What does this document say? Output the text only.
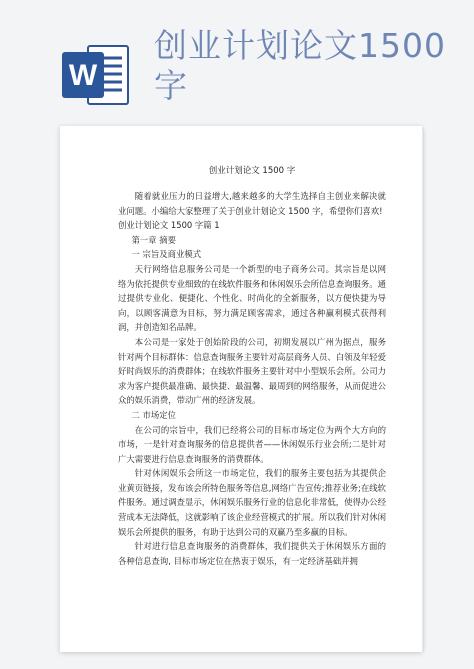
W
创业计划论文1500字
创业计划论文 1500 字

随着就业压力的日益增大,越来越多的大学生选择自主创业来解决就业问题。小编给大家整理了关于创业计划论文 1500 字，希望你们喜欢!

创业计划论文 1500 字篇 1

第一章 摘要

一 宗旨及商业模式

天行网络信息服务公司是一个新型的电子商务公司。其宗旨是以网络为依托提供专业细致的在线软件服务和休闲娱乐会所信息查询服务。通过提供专业化、便捷化、个性化、时尚化的全新服务，以方便快捷为导向，以顾客满意为目标，努力满足顾客需求，通过各种赢利模式获得利润，并创造知名品牌。

本公司是一家处于创始阶段的公司，初期发展以广州为据点，服务针对两个目标群体：信息查询服务主要针对高层商务人员、白领及年轻爱好时尚娱乐的消费群体；在线软件服务主要针对中小型娱乐会所。公司力求为客户提供最准确、最快捷、最温馨、最周到的网络服务，从而促进公众的娱乐消费，带动广州的经济发展。

二 市场定位

在公司的宗旨中，我们已经将公司的目标市场定位为两个大方向的市场，一是针对查询服务的信息提供者——休闲娱乐行业会所;二是针对广大需要进行信息查询服务的消费群体。

针对休闲娱乐会所这一市场定位，我们的服务主要包括为其提供企业黄页链接，发布该会所特色服务等信息,网络广告宣传;推荐业务;在线软件服务。通过调查显示，休闲娱乐服务行业的信息化非常低，使得办公经营成本无法降低，这就影响了该企业经营模式的扩展。所以我们针对休闲娱乐会所提供的服务，有助于达到公司的双赢乃至多赢的目标。

针对进行信息查询服务的消费群体，我们提供关于休闲娱乐方面的各种信息查询, 目标市场定位在热衷于娱乐，有一定经济基础并拥
